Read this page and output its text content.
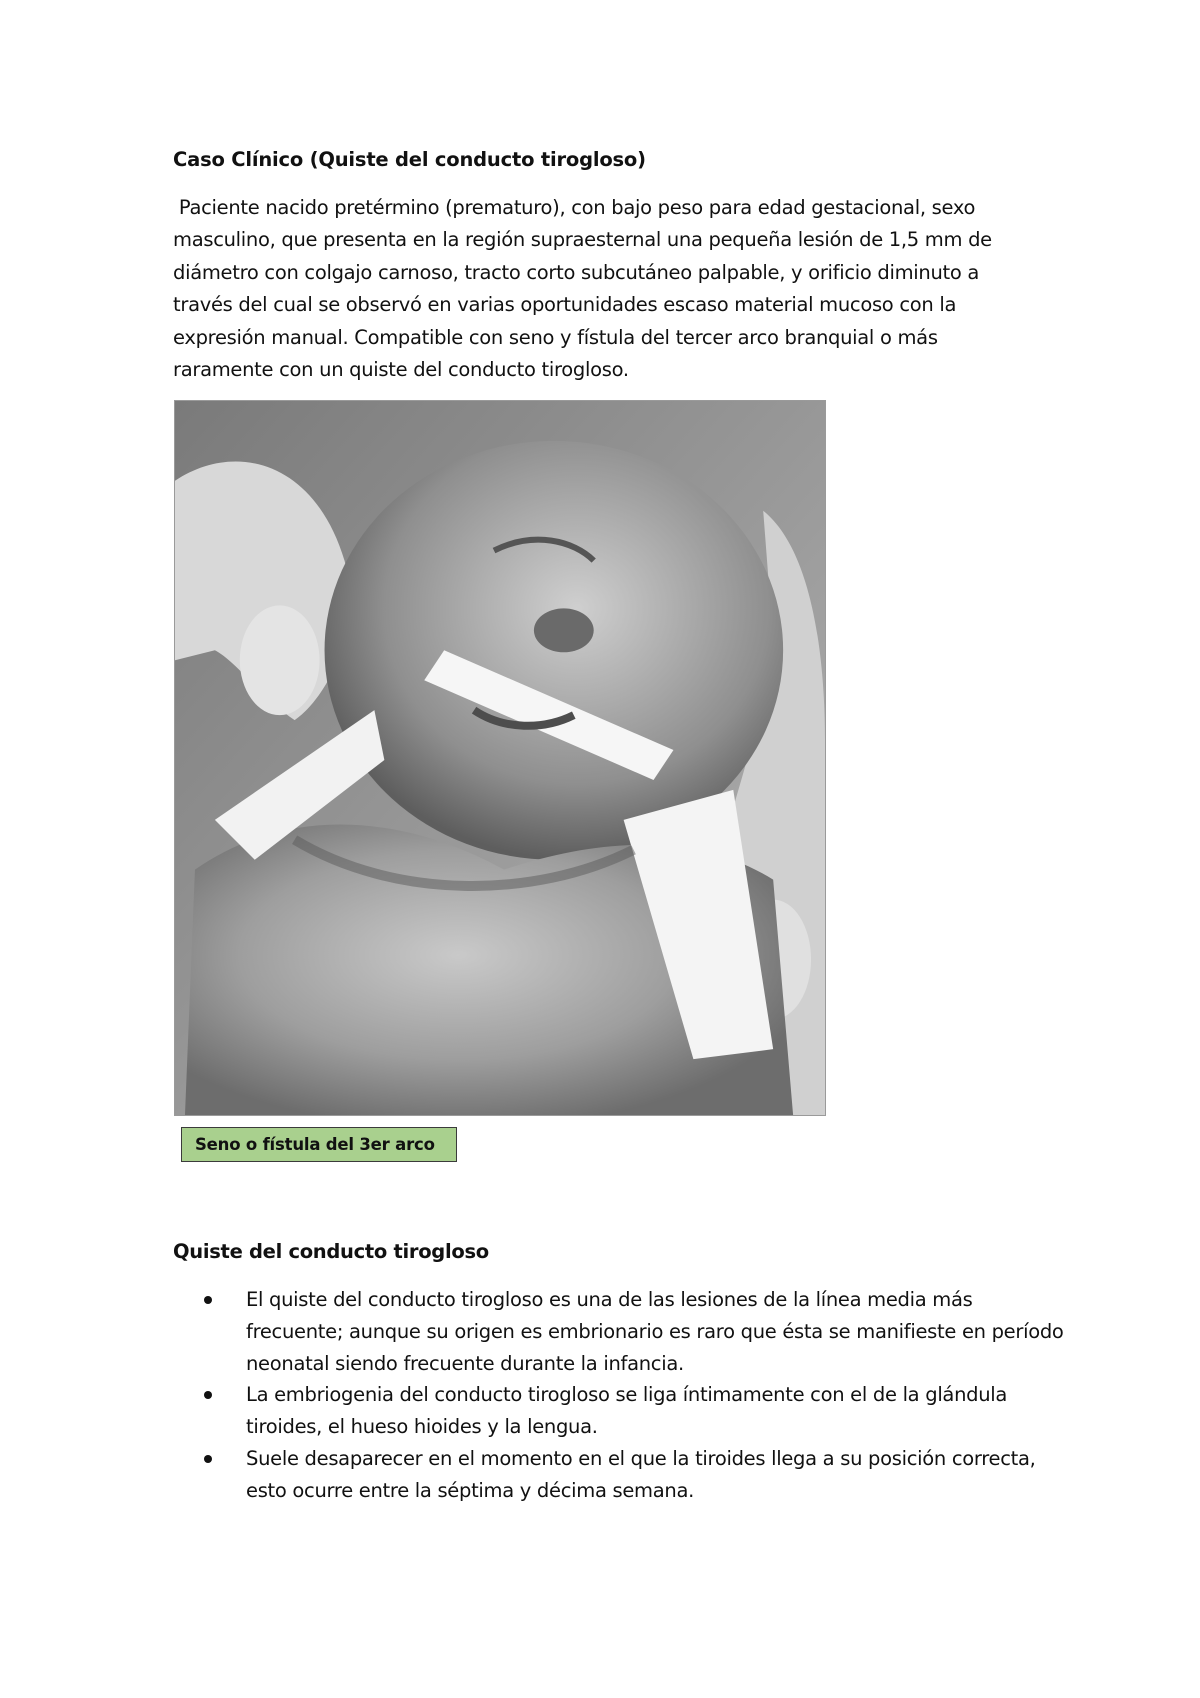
Caso Clínico (Quiste del conducto tirogloso)
Paciente nacido pretérmino (prematuro), con bajo peso para edad gestacional, sexo masculino, que presenta en la región supraesternal una pequeña lesión de 1,5 mm de diámetro con colgajo carnoso, tracto corto subcutáneo palpable, y orificio diminuto a través del cual se observó en varias oportunidades escaso material mucoso con la expresión manual. Compatible con seno y fístula del tercer arco branquial o más raramente con un quiste del conducto tirogloso.
Seno o fístula del 3er arco
Quiste del conducto tirogloso
El quiste del conducto tirogloso es una de las lesiones de la línea media más frecuente; aunque su origen es embrionario es raro que ésta se manifieste en período neonatal siendo frecuente durante la infancia.
La embriogenia del conducto tirogloso se liga íntimamente con el de la glándula tiroides, el hueso hioides y la lengua.
Suele desaparecer en el momento en el que la tiroides llega a su posición correcta, esto ocurre entre la séptima y décima semana.
